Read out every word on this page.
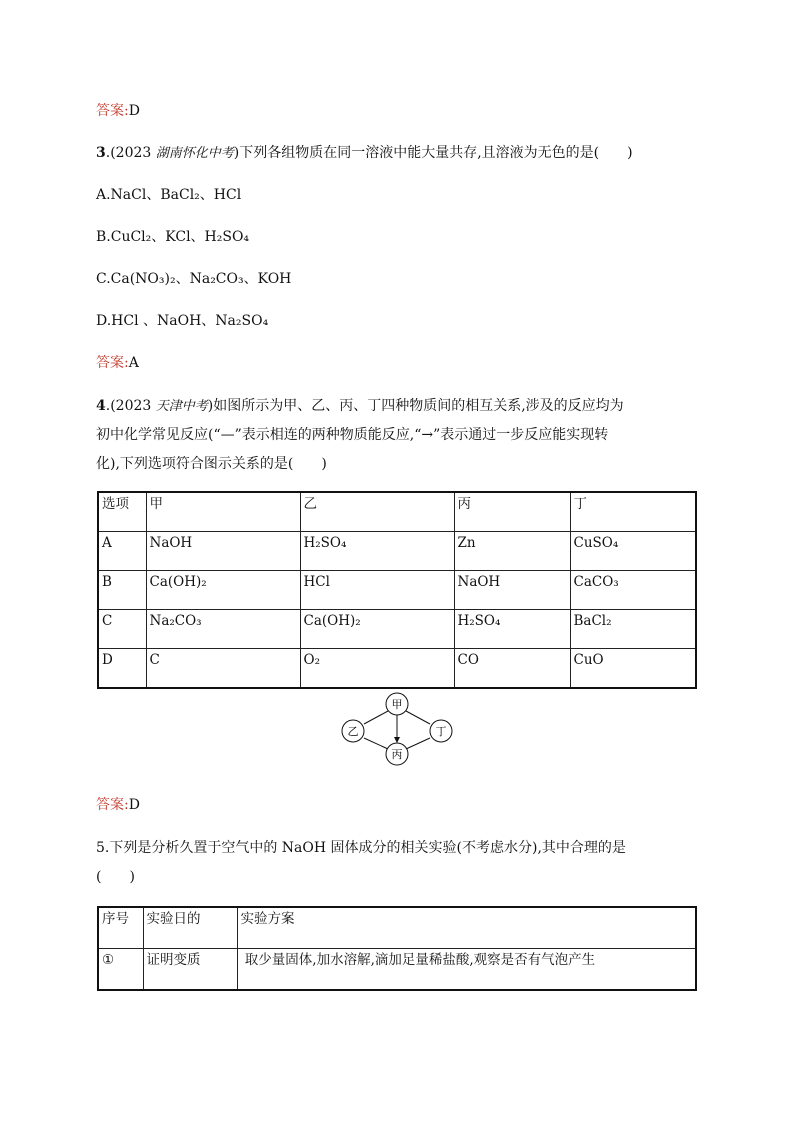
答案:D
3.(2023 湖南怀化中考)下列各组物质在同一溶液中能大量共存,且溶液为无色的是(　　)
A.NaCl、BaCl₂、HCl
B.CuCl₂、KCl、H₂SO₄
C.Ca(NO₃)₂、Na₂CO₃、KOH
D.HCl 、NaOH、Na₂SO₄
答案:A
4.(2023 天津中考)如图所示为甲、乙、丙、丁四种物质间的相互关系,涉及的反应均为
初中化学常见反应(“—”表示相连的两种物质能反应,“→”表示通过一步反应能实现转
化),下列选项符合图示关系的是(　　)
选项	甲	乙	丙	丁
A	NaOH	H₂SO₄	Zn	CuSO₄
B	Ca(OH)₂	HCl	NaOH	CaCO₃
C	Na₂CO₃	Ca(OH)₂	H₂SO₄	BaCl₂
D	C	O₂	CO	CuO
甲
乙	丁
丙
答案:D
5.下列是分析久置于空气中的 NaOH 固体成分的相关实验(不考虑水分),其中合理的是
(　　)
序号	实验日的	实验方案
①	证明变质	取少量固体,加水溶解,滴加足量稀盐酸,观察是否有气泡产生
